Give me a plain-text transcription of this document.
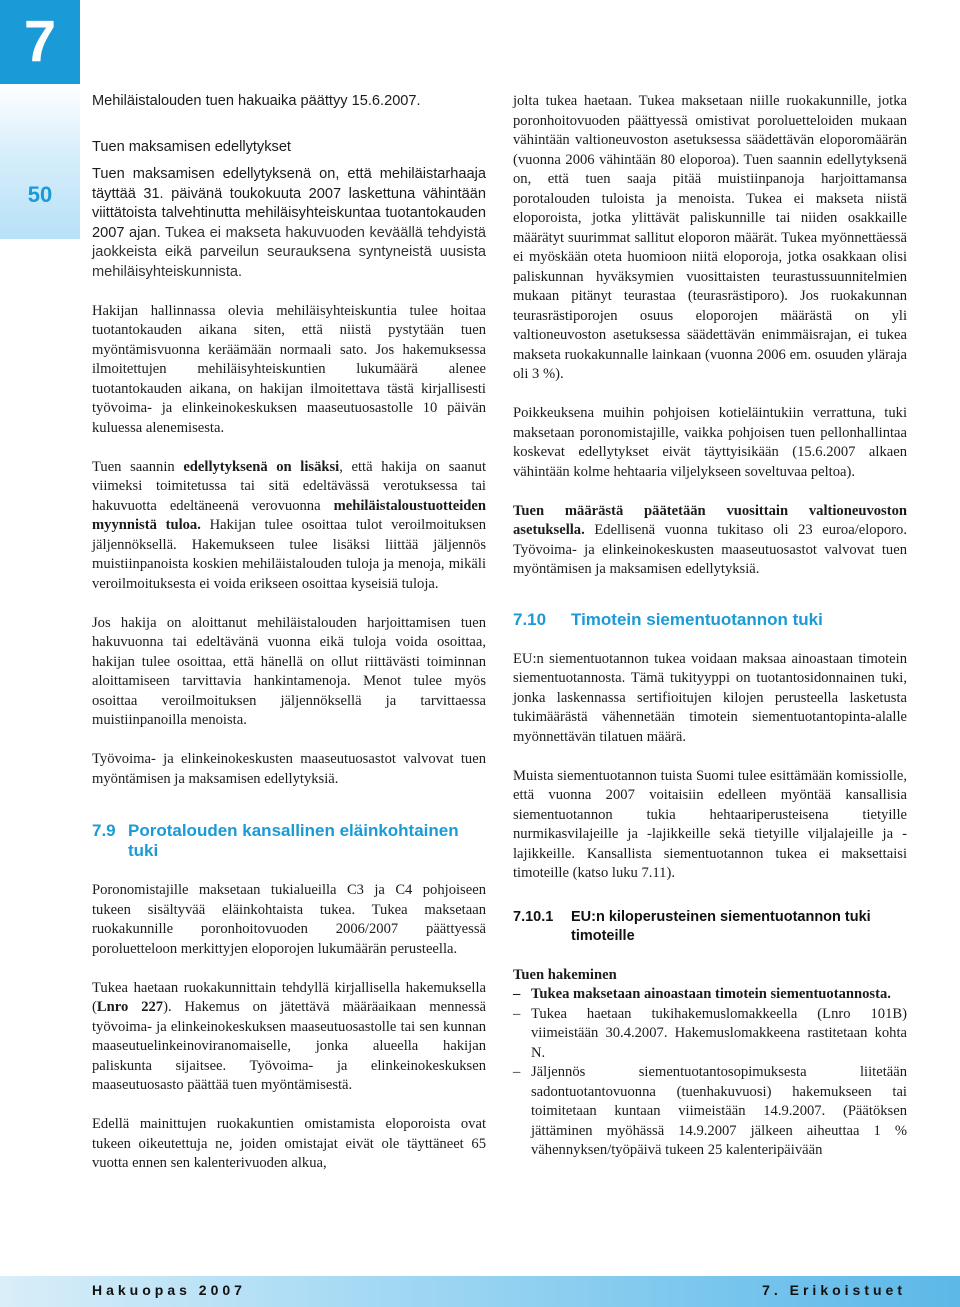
7
50

Mehiläistalouden tuen hakuaika päättyy 15.6.2007.

Tuen maksamisen edellytykset

Tuen maksamisen edellytyksenä on, että mehiläistarhaaja täyttää 31. päivänä toukokuuta 2007 laskettuna vähintään viittätoista talvehtinutta mehiläisyhteiskuntaa tuotantokauden 2007 ajan. Tukea ei makseta hakuvuoden keväällä tehdyistä jaokkeista eikä parveilun seurauksena syntyneistä uusista mehiläisyhteiskunnista.

Hakijan hallinnassa olevia mehiläisyhteiskuntia tulee hoitaa tuotantokauden aikana siten, että niistä pystytään tuen myöntämisvuonna keräämään normaali sato. Jos hakemuksessa ilmoitettujen mehiläisyhteiskuntien lukumäärä alenee tuotantokauden aikana, on hakijan ilmoitettava tästä kirjallisesti työvoima- ja elinkeinokeskuksen maaseutuosastolle 10 päivän kuluessa alenemisesta.

Tuen saannin edellytyksenä on lisäksi, että hakija on saanut viimeksi toimitetussa tai sitä edeltävässä verotuksessa tai hakuvuotta edeltäneenä verovuonna mehiläistaloustuotteiden myynnistä tuloa. Hakijan tulee osoittaa tulot veroilmoituksen jäljennöksellä. Hakemukseen tulee lisäksi liittää jäljennös muistiinpanoista koskien mehiläistalouden tuloja ja menoja, mikäli veroilmoituksesta ei voida erikseen osoittaa kyseisiä tuloja.

Jos hakija on aloittanut mehiläistalouden harjoittamisen tuen hakuvuonna tai edeltävänä vuonna eikä tuloja voida osoittaa, hakijan tulee osoittaa, että hänellä on ollut riittävästi toiminnan aloittamiseen tarvittavia hankintamenoja. Menot tulee myös osoittaa veroilmoituksen jäljennöksellä ja tarvittaessa muistiinpanoilla menoista.

Työvoima- ja elinkeinokeskusten maaseutuosastot valvovat tuen myöntämisen ja maksamisen edellytyksiä.

7.9 Porotalouden kansallinen eläinkohtainen tuki

Poronomistajille maksetaan tukialueilla C3 ja C4 pohjoiseen tukeen sisältyvää eläinkohtaista tukea. Tukea maksetaan ruokakunnille poronhoitovuoden 2006/2007 päättyessä poroluetteloon merkittyjen eloporojen lukumäärän perusteella.

Tukea haetaan ruokakunnittain tehdyllä kirjallisella hakemuksella (Lnro 227). Hakemus on jätettävä määräaikaan mennessä työvoima- ja elinkeinokeskuksen maaseutuosastolle tai sen kunnan maaseutuelinkeinoviranomaiselle, jonka alueella hakijan paliskunta sijaitsee. Työvoima- ja elinkeinokeskuksen maaseutuosasto päättää tuen myöntämisestä.

Edellä mainittujen ruokakuntien omistamista eloporoista ovat tukeen oikeutettuja ne, joiden omistajat eivät ole täyttäneet 65 vuotta ennen sen kalenterivuoden alkua,

jolta tukea haetaan. Tukea maksetaan niille ruokakunnille, jotka poronhoitovuoden päättyessä omistivat poroluetteloiden mukaan vähintään valtioneuvoston asetuksessa säädettävän eloporomäärän (vuonna 2006 vähintään 80 eloporoa). Tuen saannin edellytyksenä on, että tuen saaja pitää muistiinpanoja harjoittamansa porotalouden tuloista ja menoista. Tukea ei makseta niistä eloporoista, jotka ylittävät paliskunnille tai niiden osakkaille määrätyt suurimmat sallitut eloporon määrät. Tukea myönnettäessä ei myöskään oteta huomioon niitä eloporoja, jotka osakkaan olisi paliskunnan hyväksymien vuosittaisten teurastussuunnitelmien mukaan pitänyt teurastaa (teurasrästiporo). Jos ruokakunnan teurasrästiporojen osuus eloporojen määrästä on yli valtioneuvoston asetuksessa säädettävän enimmäisrajan, ei tukea makseta ruokakunnalle lainkaan (vuonna 2006 em. osuuden yläraja oli 3 %).

Poikkeuksena muihin pohjoisen kotieläintukiin verrattuna, tuki maksetaan poronomistajille, vaikka pohjoisen tuen pellonhallintaa koskevat edellytykset eivät täyttyisikään (15.6.2007 alkaen vähintään kolme hehtaaria viljelykseen soveltuvaa peltoa).

Tuen määrästä päätetään vuosittain valtioneuvoston asetuksella. Edellisenä vuonna tukitaso oli 23 euroa/eloporo. Työvoima- ja elinkeinokeskusten maaseutuosastot valvovat tuen myöntämisen ja maksamisen edellytyksiä.

7.10	Timotein siementuotannon tuki

EU:n siementuotannon tukea voidaan maksaa ainoastaan timotein siementuotannosta. Tämä tukityyppi on tuotantosidonnainen tuki, jonka laskennassa sertifioitujen kilojen perusteella lasketusta tukimäärästä vähennetään timotein siementuotantopinta-alalle myönnettävän tilatuen määrä.

Muista siementuotannon tuista Suomi tulee esittämään komissiolle, että vuonna 2007 voitaisiin edelleen myöntää kansallisia siementuotannon tukia hehtaariperusteisena tietyille nurmikasvilajeille ja -lajikkeille sekä tietyille viljalajeille ja -lajikkeille. Kansallista siementuotannon tukea ei maksettaisi timoteille (katso luku 7.11).

7.10.1	EU:n kiloperusteinen siementuotannon tuki timoteille

Tuen hakeminen

– Tukea maksetaan ainoastaan timotein siementuotannosta.
– Tukea haetaan tukihakemuslomakkeella (Lnro 101B) viimeistään 30.4.2007. Hakemuslomakkeena rastitetaan kohta N.
– Jäljennös siementuotantosopimuksesta liitetään sadontuotantovuonna (tuenhakuvuosi) hakemukseen tai toimitetaan kuntaan viimeistään 14.9.2007. (Päätöksen jättäminen myöhässä 14.9.2007 jälkeen aiheuttaa 1 % vähennyksen/työpäivä tukeen 25 kalenteripäivään
Hakuopas 2007	7. Erikoistuet
